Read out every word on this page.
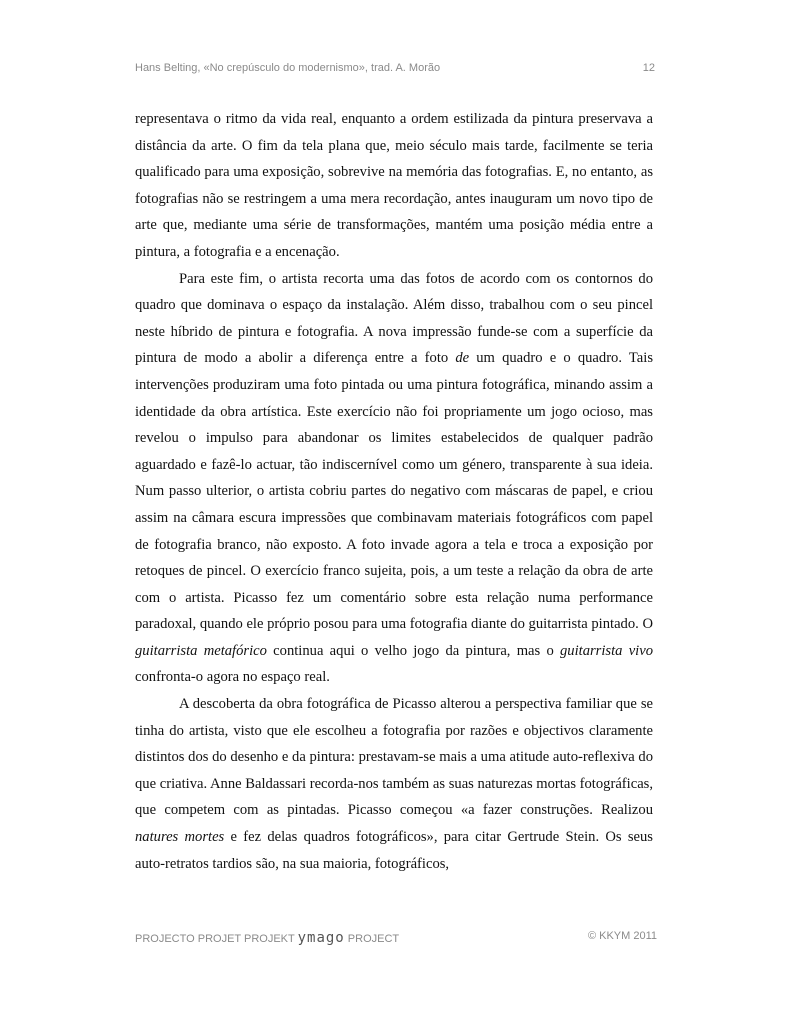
Hans Belting, «No crepúsculo do modernismo», trad. A. Morão	12

representava o ritmo da vida real, enquanto a ordem estilizada da pintura preservava a distância da arte. O fim da tela plana que, meio século mais tarde, facilmente se teria qualificado para uma exposição, sobrevive na memória das fotografias. E, no entanto, as fotografias não se restringem a uma mera recordação, antes inauguram um novo tipo de arte que, mediante uma série de transformações, mantém uma posição média entre a pintura, a fotografia e a encenação.

Para este fim, o artista recorta uma das fotos de acordo com os contornos do quadro que dominava o espaço da instalação. Além disso, trabalhou com o seu pincel neste híbrido de pintura e fotografia. A nova impressão funde-se com a superfície da pintura de modo a abolir a diferença entre a foto de um quadro e o quadro. Tais intervenções produziram uma foto pintada ou uma pintura fotográfica, minando assim a identidade da obra artística. Este exercício não foi propriamente um jogo ocioso, mas revelou o impulso para abandonar os limites estabelecidos de qualquer padrão aguardado e fazê-lo actuar, tão indiscernível como um género, transparente à sua ideia. Num passo ulterior, o artista cobriu partes do negativo com máscaras de papel, e criou assim na câmara escura impressões que combinavam materiais fotográficos com papel de fotografia branco, não exposto. A foto invade agora a tela e troca a exposição por retoques de pincel. O exercício franco sujeita, pois, a um teste a relação da obra de arte com o artista. Picasso fez um comentário sobre esta relação numa performance paradoxal, quando ele próprio posou para uma fotografia diante do guitarrista pintado. O guitarrista metafórico continua aqui o velho jogo da pintura, mas o guitarrista vivo confronta-o agora no espaço real.

A descoberta da obra fotográfica de Picasso alterou a perspectiva familiar que se tinha do artista, visto que ele escolheu a fotografia por razões e objectivos claramente distintos dos do desenho e da pintura: prestavam-se mais a uma atitude auto-reflexiva do que criativa. Anne Baldassari recorda-nos também as suas naturezas mortas fotográficas, que competem com as pintadas. Picasso começou «a fazer construções. Realizou natures mortes e fez delas quadros fotográficos», para citar Gertrude Stein. Os seus auto-retratos tardios são, na sua maioria, fotográficos,

PROJECTO PROJET PROJEKT ymago PROJECT	© KKYM 2011
